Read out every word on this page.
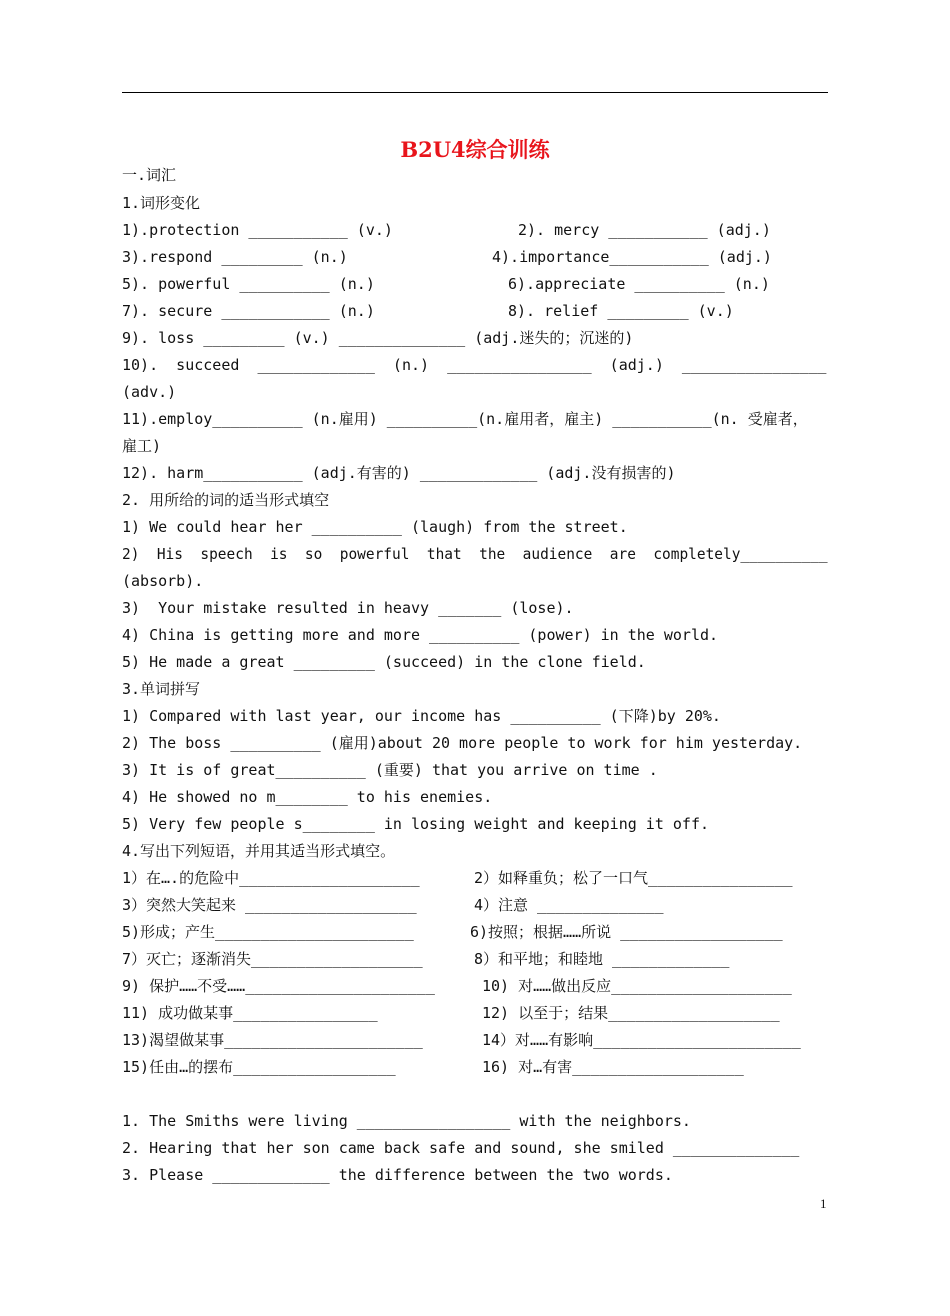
B2U4综合训练
一.词汇
1.词形变化
1).protection ___________ (v.)	2). mercy ___________ (adj.)
3).respond _________ (n.)	4).importance___________ (adj.)
5). powerful __________ (n.)	6).appreciate __________ (n.)
7). secure ____________ (n.)	8). relief _________ (v.)
9). loss _________ (v.) ______________ (adj.迷失的；沉迷的)
10).  succeed  _____________  (n.)  ________________  (adj.)  ________________
(adv.)
11).employ__________ (n.雇用) __________(n.雇用者，雇主) ___________(n. 受雇者，
雇工)
12). harm___________ (adj.有害的) _____________ (adj.没有损害的)
2. 用所给的词的适当形式填空
1) We could hear her __________ (laugh) from the street.
2)  His  speech  is  so  powerful  that  the  audience  are  completely__________
(absorb).
3)  Your mistake resulted in heavy _______ (lose).
4) China is getting more and more __________ (power) in the world.
5) He made a great _________ (succeed) in the clone field.
3.单词拼写
1) Compared with last year, our income has __________ (下降)by 20%.
2) The boss __________ (雇用)about 20 more people to work for him yesterday.
3) It is of great__________ (重要) that you arrive on time .
4) He showed no m________ to his enemies.
5) Very few people s________ in losing weight and keeping it off.
4.写出下列短语，并用其适当形式填空。
1）在….的危险中____________________	2）如释重负；松了一口气________________
3）突然大笑起来 ___________________	4）注意 ______________
5)形成；产生______________________	6)按照；根据……所说 __________________
7）灭亡；逐渐消失___________________	8）和平地；和睦地 _____________
9) 保护……不受……_____________________	10) 对……做出反应____________________
11) 成功做某事________________	12) 以至于；结果___________________
13)渴望做某事______________________	14）对……有影响_______________________
15)任由…的摆布__________________	16) 对…有害___________________
1. The Smiths were living _________________ with the neighbors.
2. Hearing that her son came back safe and sound, she smiled ______________
3. Please _____________ the difference between the two words.
1
